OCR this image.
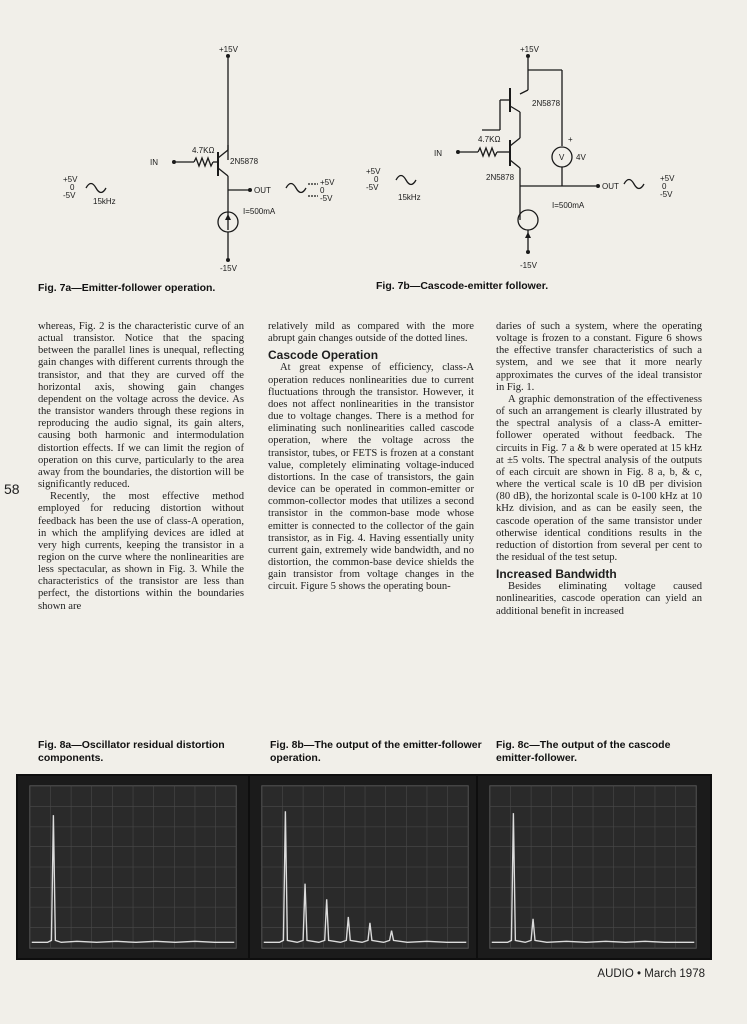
+15V
IN
4.7KΩ
2N5878
OUT
I=500mA
-15V
+5V
0
-5V
15kHz
+5V
0
-5V
+15V
2N5878
4.7KΩ
IN
2N5878
V
+
4V
OUT
I=500mA
-15V
+5V
0
-5V
15kHz
+5V
0
-5V
Fig. 7a—Emitter-follower operation.	Fig. 7b—Cascode-emitter follower.
58

whereas, Fig. 2 is the characteristic curve of an actual transistor. Notice that the spacing between the parallel lines is unequal, reflecting gain changes with different currents through the transistor, and that they are curved off the horizontal axis, showing gain changes dependent on the voltage across the device. As the transistor wanders through these regions in reproducing the audio signal, its gain alters, causing both harmonic and intermodulation distortion effects. If we can limit the region of operation on this curve, particularly to the area away from the boundaries, the distortion will be significantly reduced.

Recently, the most effective method employed for reducing distortion without feedback has been the use of class-A operation, in which the amplifying devices are idled at very high currents, keeping the transistor in a region on the curve where the nonlinearities are less spectacular, as shown in Fig. 3. While the characteristics of the transistor are less than perfect, the distortions within the boundaries shown are

relatively mild as compared with the more abrupt gain changes outside of the dotted lines.

Cascode Operation

At great expense of efficiency, class-A operation reduces nonlinearities due to current fluctuations through the transistor. However, it does not affect nonlinearities in the transistor due to voltage changes. There is a method for eliminating such nonlinearities called cascode operation, where the voltage across the transistor, tubes, or FETS is frozen at a constant value, completely eliminating voltage-induced distortions. In the case of transistors, the gain device can be operated in common-emitter or common-collector modes that utilizes a second transistor in the common-base mode whose emitter is connected to the collector of the gain transistor, as in Fig. 4. Having essentially unity current gain, extremely wide bandwidth, and no distortion, the common-base device shields the gain transistor from voltage changes in the circuit. Figure 5 shows the operating boun-

daries of such a system, where the operating voltage is frozen to a constant. Figure 6 shows the effective transfer characteristics of such a system, and we see that it more nearly approximates the curves of the ideal transistor in Fig. 1.

A graphic demonstration of the effectiveness of such an arrangement is clearly illustrated by the spectral analysis of a class-A emitter-follower operated without feedback. The circuits in Fig. 7 a & b were operated at 15 kHz at ±5 volts. The spectral analysis of the outputs of each circuit are shown in Fig. 8 a, b, & c, where the vertical scale is 10 dB per division (80 dB), the horizontal scale is 0-100 kHz at 10 kHz division, and as can be easily seen, the cascode operation of the same transistor under otherwise identical conditions results in the reduction of distortion from several per cent to the residual of the test setup.

Increased Bandwidth

Besides eliminating voltage caused nonlinearities, cascode operation can yield an additional benefit in increased

Fig. 8a—Oscillator residual distortion components.
Fig. 8b—The output of the emitter-follower operation.
Fig. 8c—The output of the cascode emitter-follower.
AUDIO • March 1978
